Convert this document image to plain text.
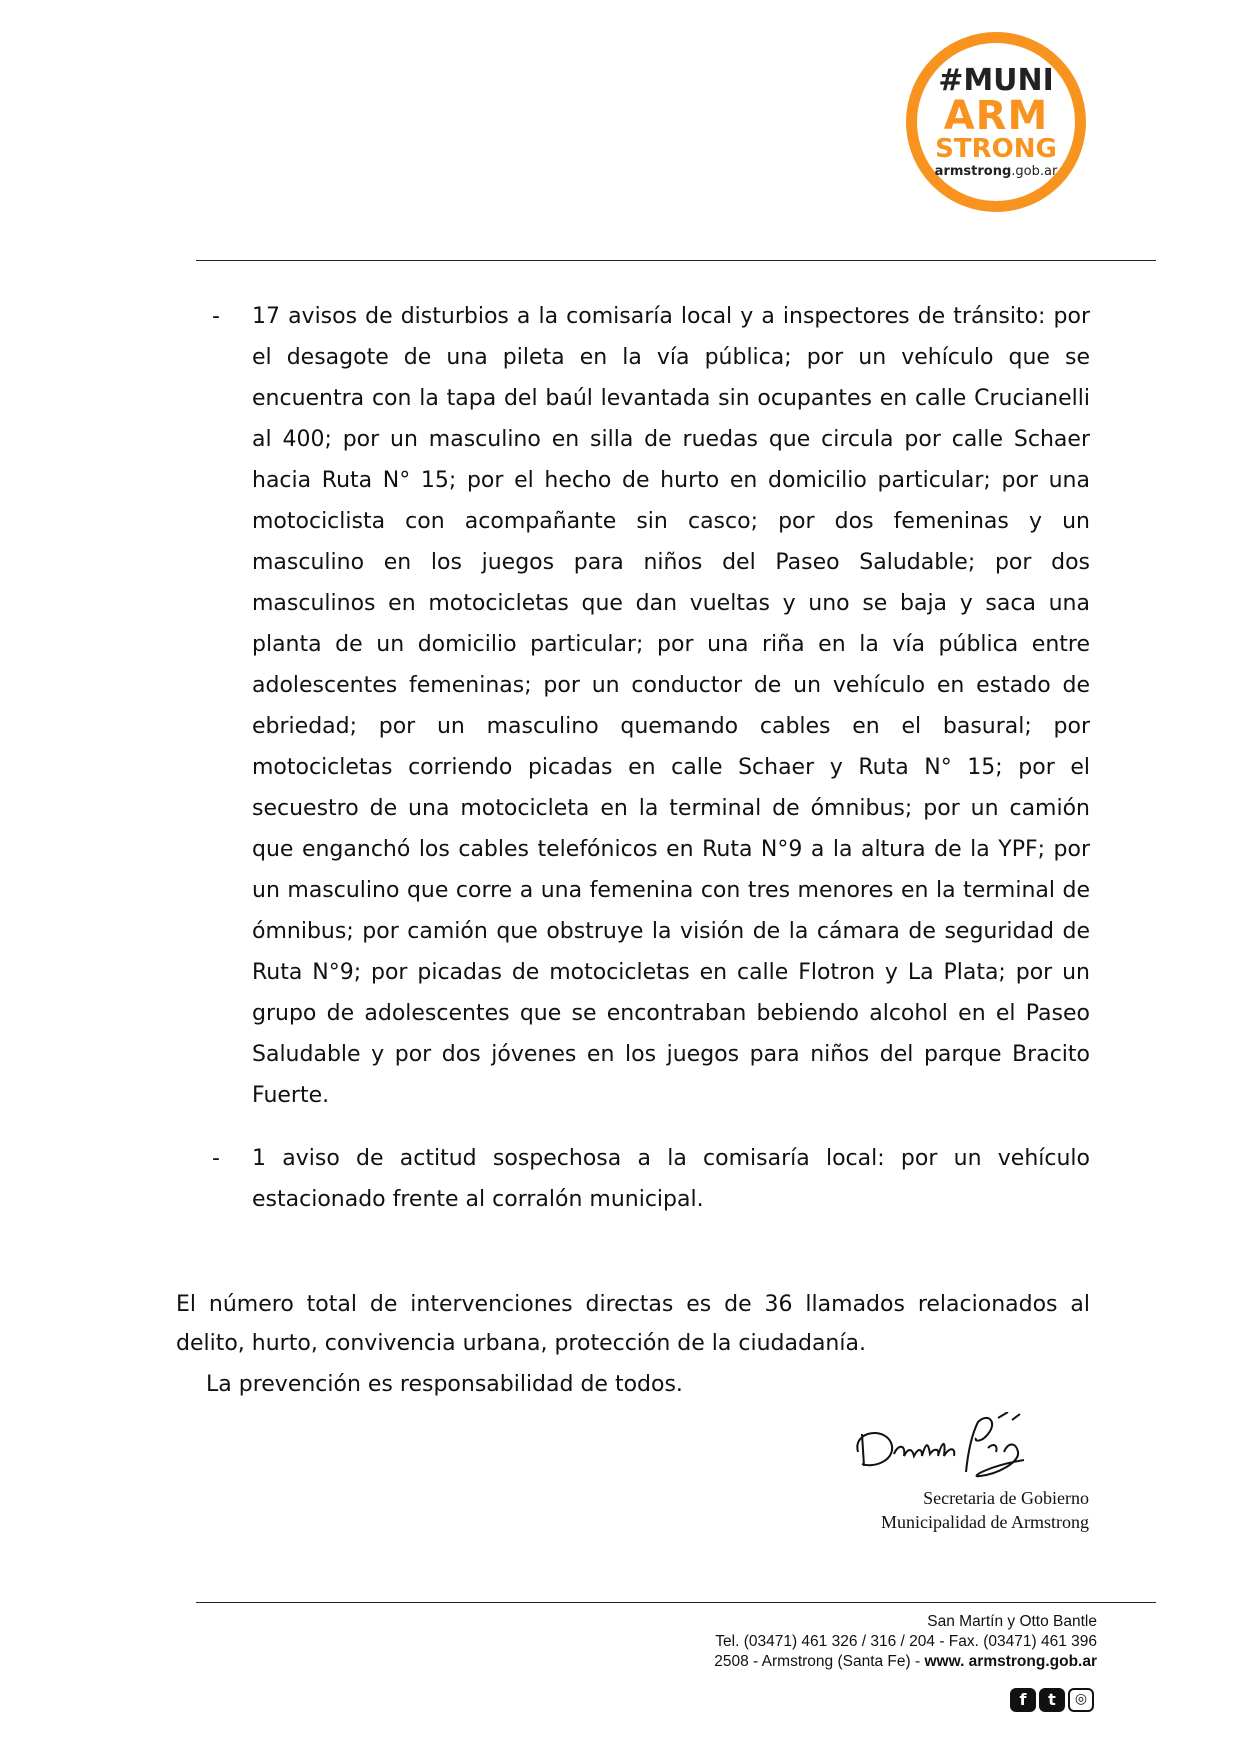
#MUNI
ARM
STRONG
armstrong.gob.ar
- 17 avisos de disturbios a la comisaría local y a inspectores de tránsito: por el desagote de una pileta en la vía pública; por un vehículo que se encuentra con la tapa del baúl levantada sin ocupantes en calle Crucianelli al 400; por un masculino en silla de ruedas que circula por calle Schaer hacia Ruta N° 15; por el hecho de hurto en domicilio particular; por una motociclista con acompañante sin casco; por dos femeninas y un masculino en los juegos para niños del Paseo Saludable; por dos masculinos en motocicletas que dan vueltas y uno se baja y saca una planta de un domicilio particular; por una riña en la vía pública entre adolescentes femeninas; por un conductor de un vehículo en estado de ebriedad; por un masculino quemando cables en el basural; por motocicletas corriendo picadas en calle Schaer y Ruta N° 15; por el secuestro de una motocicleta en la terminal de ómnibus; por un camión que enganchó los cables telefónicos en Ruta N°9 a la altura de la YPF; por un masculino que corre a una femenina con tres menores en la terminal de ómnibus; por camión que obstruye la visión de la cámara de seguridad de Ruta N°9; por picadas de motocicletas en calle Flotron y La Plata; por un grupo de adolescentes que se encontraban bebiendo alcohol en el Paseo Saludable y por dos jóvenes en los juegos para niños del parque Bracito Fuerte.
- 1 aviso de actitud sospechosa a la comisaría local: por un vehículo estacionado frente al corralón municipal.

El número total de intervenciones directas es de 36 llamados relacionados al delito, hurto, convivencia urbana, protección de la ciudadanía.

La prevención es responsabilidad de todos.

Secretaria de Gobierno
Municipalidad de Armstrong
San Martín y Otto Bantle
Tel. (03471) 461 326 / 316 / 204 - Fax. (03471) 461 396
2508 - Armstrong (Santa Fe) - www. armstrong.gob.ar
f	t	◎
